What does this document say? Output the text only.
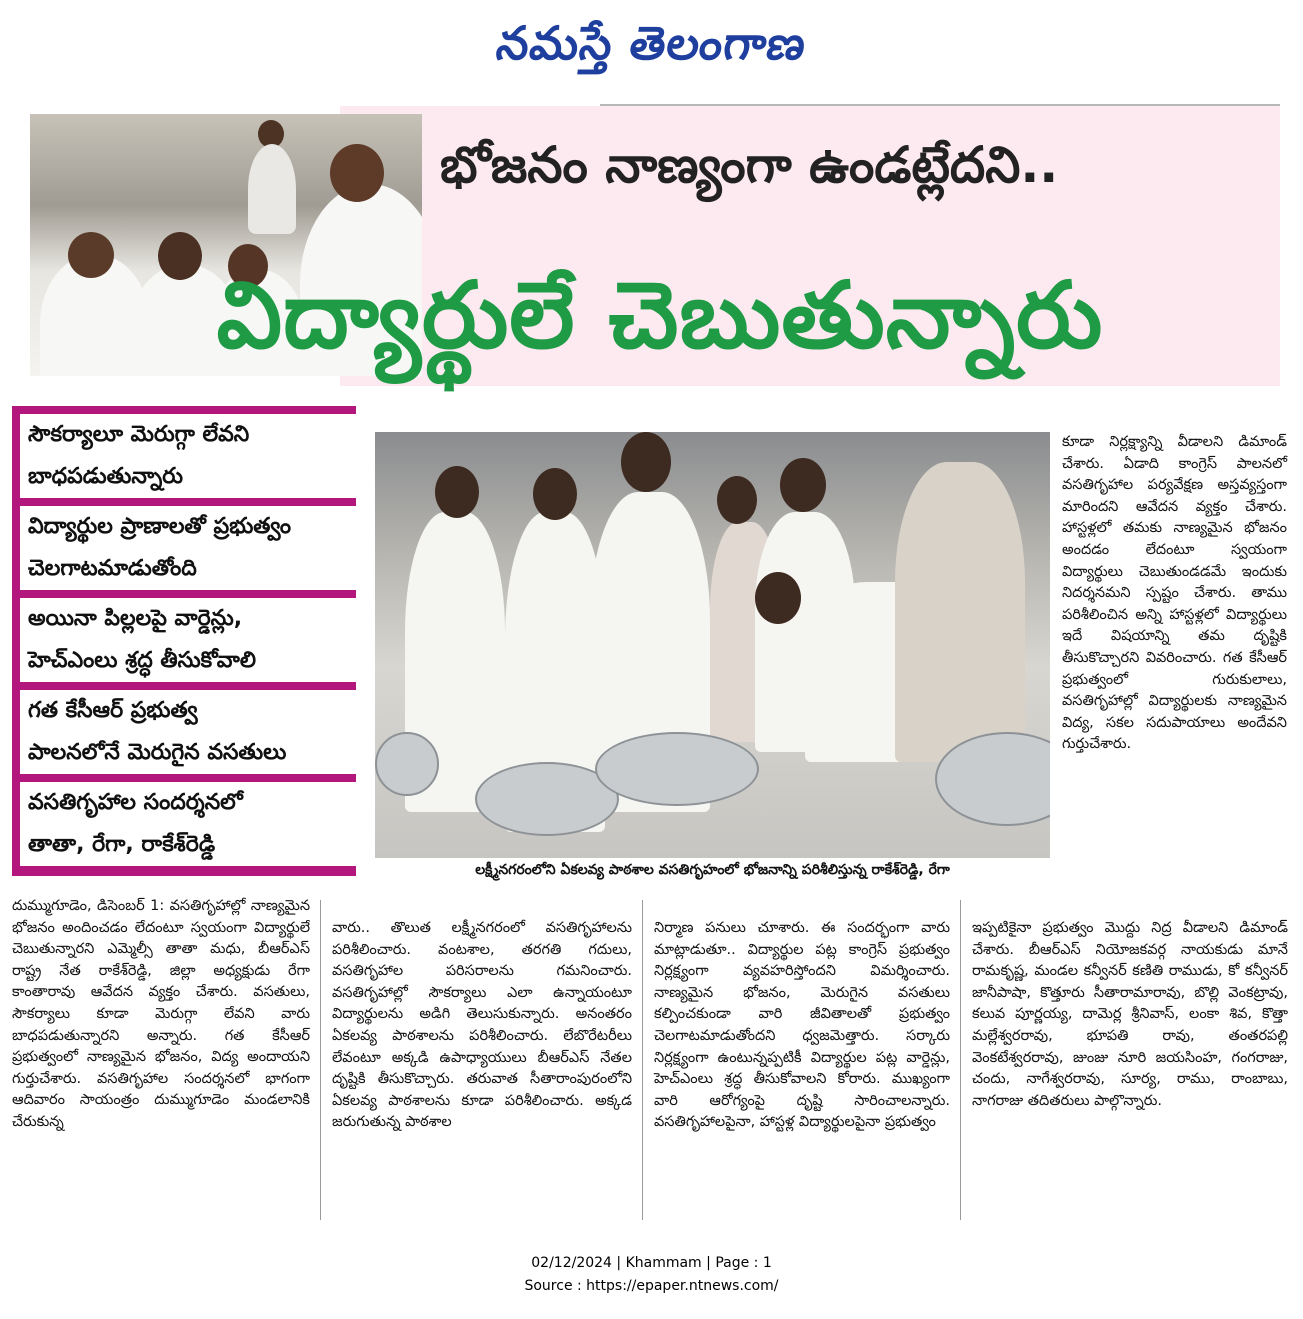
నమస్తే తెలంగాణ
భోజనం నాణ్యంగా ఉండట్లేదని..
విద్యార్థులే చెబుతున్నారు
సౌకర్యాలూ మెరుగ్గా లేవని
బాధపడుతున్నారు
విద్యార్థుల ప్రాణాలతో ప్రభుత్వం
చెలగాటమాడుతోంది
అయినా పిల్లలపై వార్డెన్లు,
హెచ్‌ఎంలు శ్రద్ధ తీసుకోవాలి
గత కేసీఆర్ ప్రభుత్వ
పాలనలోనే మెరుగైన వసతులు
వసతిగృహాల సందర్శనలో
తాతా, రేగా, రాకేశ్‌రెడ్డి
లక్ష్మీనగరంలోని ఏకలవ్య పాఠశాల వసతిగృహంలో భోజనాన్ని పరిశీలిస్తున్న రాకేశ్‌రెడ్డి, రేగా

కూడా నిర్లక్ష్యాన్ని వీడాలని డిమాండ్ చేశారు. ఏడాది కాంగ్రెస్ పాలనలో వసతిగృహాల పర్యవేక్షణ అస్తవ్యస్తంగా మారిందని ఆవేదన వ్యక్తం చేశారు. హాస్టళ్లలో తమకు నాణ్యమైన భోజనం అందడం లేదంటూ స్వయంగా విద్యార్థులు చెబుతుండడమే ఇందుకు నిదర్శనమని స్పష్టం చేశారు. తాము పరిశీలించిన అన్ని హాస్టళ్లలో విద్యార్థులు ఇదే విషయాన్ని తమ దృష్టికి తీసుకొచ్చారని వివరించారు. గత కేసీఆర్ ప్రభుత్వంలో గురుకులాలు, వసతిగృహాల్లో విద్యార్థులకు నాణ్యమైన విద్య, సకల సదుపాయాలు అందేవని గుర్తుచేశారు.

దుమ్ముగూడెం, డిసెంబర్ 1: వసతిగృహాల్లో నాణ్యమైన భోజనం అందించడం లేదంటూ స్వయంగా విద్యార్థులే చెబుతున్నారని ఎమ్మెల్సీ తాతా మధు, బీఆర్‌ఎస్ రాష్ట్ర నేత రాకేశ్‌రెడ్డి, జిల్లా అధ్యక్షుడు రేగా కాంతారావు ఆవేదన వ్యక్తం చేశారు. వసతులు, సౌకర్యాలు కూడా మెరుగ్గా లేవని వారు బాధపడుతున్నారని అన్నారు. గత కేసీఆర్ ప్రభుత్వంలో నాణ్యమైన భోజనం, విద్య అందాయని గుర్తుచేశారు. వసతిగృహాల సందర్శనలో భాగంగా ఆదివారం సాయంత్రం దుమ్ముగూడెం మండలానికి చేరుకున్న

వారు.. తొలుత లక్ష్మీనగరంలో వసతిగృహాలను పరిశీలించారు. వంటశాల, తరగతి గదులు, వసతిగృహాల పరిసరాలను గమనించారు. వసతిగృహాల్లో సౌకర్యాలు ఎలా ఉన్నాయంటూ విద్యార్థులను అడిగి తెలుసుకున్నారు. అనంతరం ఏకలవ్య పాఠశాలను పరిశీలించారు. లేబొరేటరీలు లేవంటూ అక్కడి ఉపాధ్యాయులు బీఆర్‌ఎస్ నేతల దృష్టికి తీసుకొచ్చారు. తరువాత సీతారాంపురంలోని ఏకలవ్య పాఠశాలను కూడా పరిశీలించారు. అక్కడ జరుగుతున్న పాఠశాల

నిర్మాణ పనులు చూశారు. ఈ సందర్భంగా వారు మాట్లాడుతూ.. విద్యార్థుల పట్ల కాంగ్రెస్ ప్రభుత్వం నిర్లక్ష్యంగా వ్యవహరిస్తోందని విమర్శించారు. నాణ్యమైన భోజనం, మెరుగైన వసతులు కల్పించకుండా వారి జీవితాలతో ప్రభుత్వం చెలగాటమాడుతోందని ధ్వజమెత్తారు. సర్కారు నిర్లక్ష్యంగా ఉంటున్నప్పటికీ విద్యార్థుల పట్ల వార్డెన్లు, హెచ్‌ఎంలు శ్రద్ధ తీసుకోవాలని కోరారు. ముఖ్యంగా వారి ఆరోగ్యంపై దృష్టి సారించాలన్నారు. వసతిగృహాలపైనా, హాస్టళ్ల విద్యార్థులపైనా ప్రభుత్వం

ఇప్పటికైనా ప్రభుత్వం మొద్దు నిద్ర వీడాలని డిమాండ్ చేశారు. బీఆర్‌ఎస్ నియోజకవర్గ నాయకుడు మానే రామకృష్ణ, మండల కన్వీనర్ కణితి రాముడు, కో కన్వీనర్ జానీపాషా, కొత్తూరు సీతారామారావు, బొల్లి వెంకట్రావు, కలువ పూర్ణయ్య, దామెర్ల శ్రీనివాస్, లంకా శివ, కొత్తా మల్లేశ్వరరావు, భూపతి రావు, తంతరపల్లి వెంకటేశ్వరరావు, జుంజు నూరి జయసింహ, గంగరాజు, చందు, నాగేశ్వరరావు, సూర్య, రాము, రాంబాబు, నాగరాజు తదితరులు పాల్గొన్నారు.

02/12/2024 | Khammam | Page : 1
Source : https://epaper.ntnews.com/
